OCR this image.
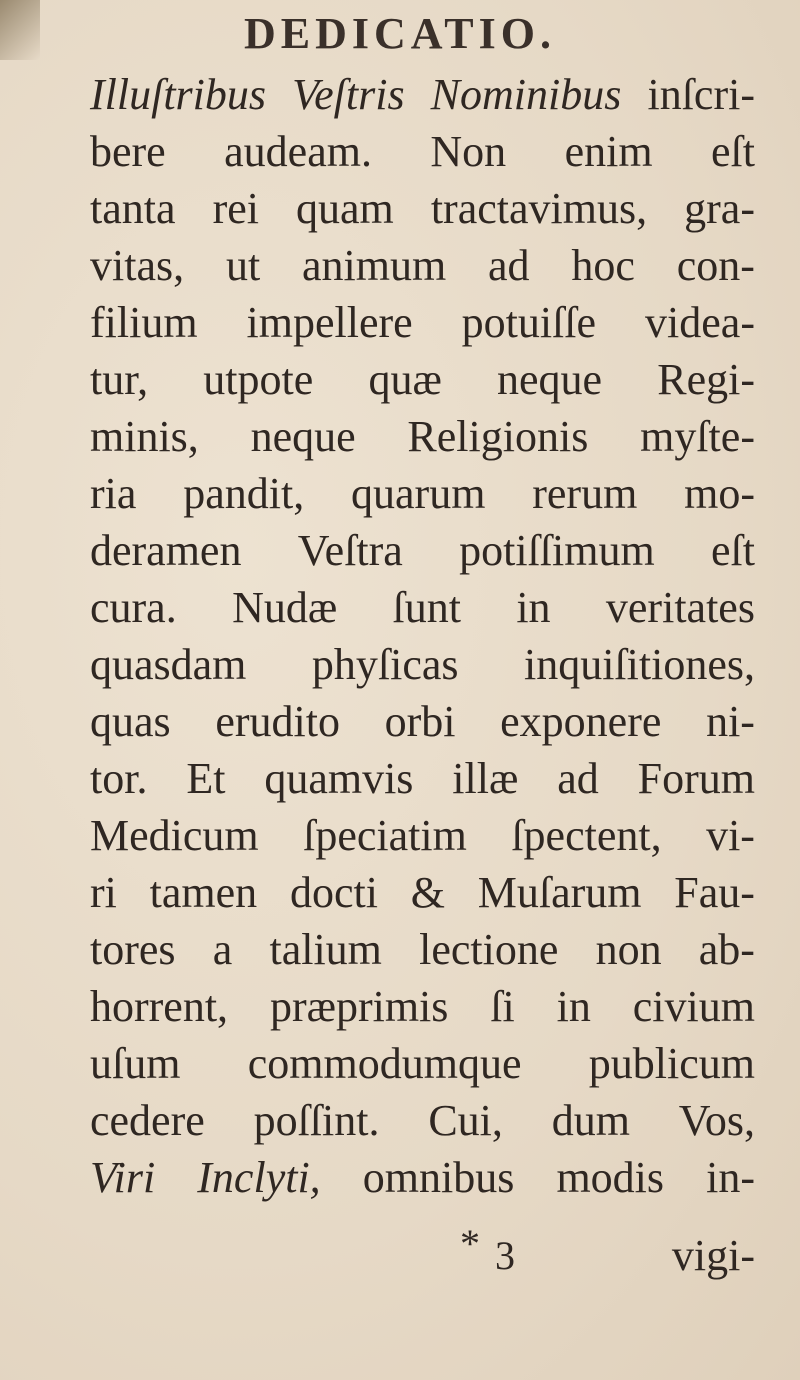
DEDICATIO.
Illuſtribus Veſtris Nominibus inſcri-
bere audeam. Non enim eſt
tanta rei quam tractavimus, gra-
vitas, ut animum ad hoc con-
filium impellere potuiſſe videa-
tur, utpote quæ neque Regi-
minis, neque Religionis myſte-
ria pandit, quarum rerum mo-
deramen Veſtra potiſſimum eſt
cura. Nudæ ſunt in veritates
quasdam phyſicas inquiſitiones,
quas erudito orbi exponere ni-
tor. Et quamvis illæ ad Forum
Medicum ſpeciatim ſpectent, vi-
ri tamen docti & Muſarum Fau-
tores a talium lectione non ab-
horrent, præprimis ſi in civium
uſum commodumque publicum
cedere poſſint. Cui, dum Vos,
Viri Inclyti, omnibus modis in-
* 3	vigi-
